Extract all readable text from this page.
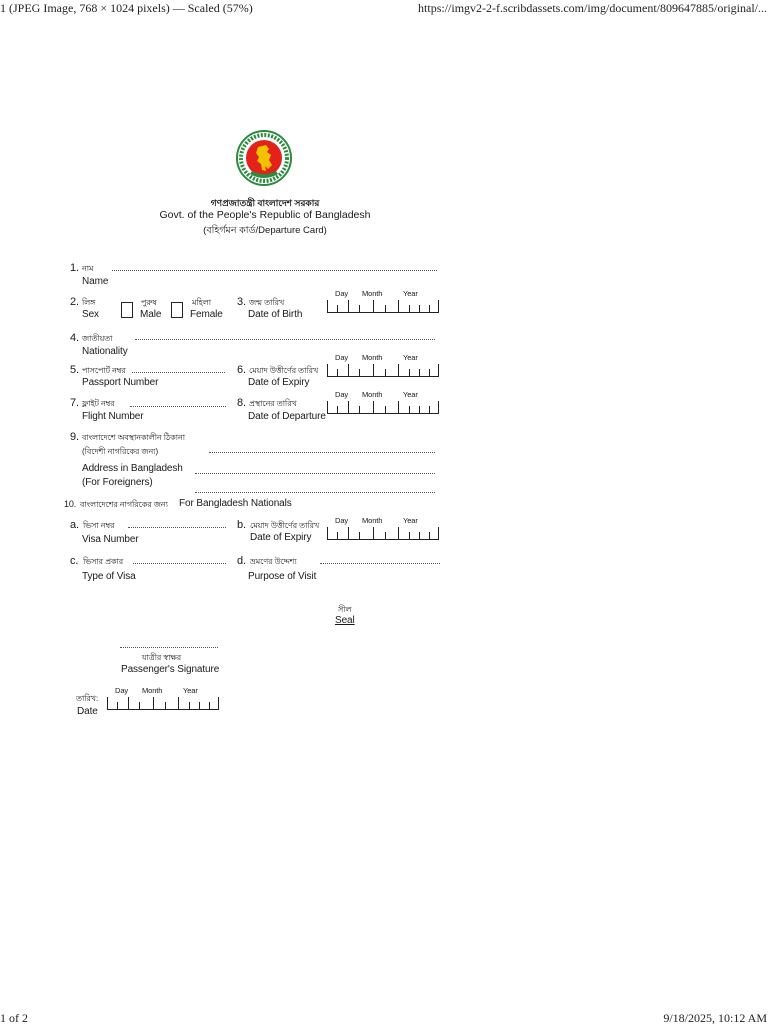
1 (JPEG Image, 768 × 1024 pixels) — Scaled (57%)	https://imgv2-2-f.scribdassets.com/img/document/809647885/original/...
1 of 2	9/18/2025, 10:12 AM
গণপ্রজাতন্ত্রী বাংলাদেশ সরকার
Govt. of the People's Republic of Bangladesh
(বহির্গমন কার্ড/Departure Card)
1. নাম
Name
2. লিঙ্গ
Sex
পুরুষ
Male
মহিলা
Female
3. জন্ম তারিখ
Date of Birth
Day Month	Year
4. জাতীয়তা
Nationality
5. পাসপোর্ট নম্বর
Passport Number
6. মেয়াদ উত্তীর্ণের তারিখ
Date of Expiry
Day Month	Year
7. ফ্লাইট নম্বর
Flight Number
8. প্রস্থানের তারিখ
Date of Departure
Day Month	Year
9. বাংলাদেশে অবস্থানকালীন ঠিকানা
(বিদেশী নাগরিকের জন্য)
Address in Bangladesh
(For Foreigners)
10. বাংলাদেশের নাগরিকের জন্য For Bangladesh Nationals
a. ভিসা নম্বর
Visa Number
b. মেয়াদ উত্তীর্ণের তারিখ
Date of Expiry
Day Month	Year
c. ভিসার প্রকার
Type of Visa
d. ভ্রমণের উদ্দেশ্য
Purpose of Visit
সীল
Seal
যাত্রীর স্বাক্ষর
Passenger's Signature
তারিখ:
Date
Day Month	Year
